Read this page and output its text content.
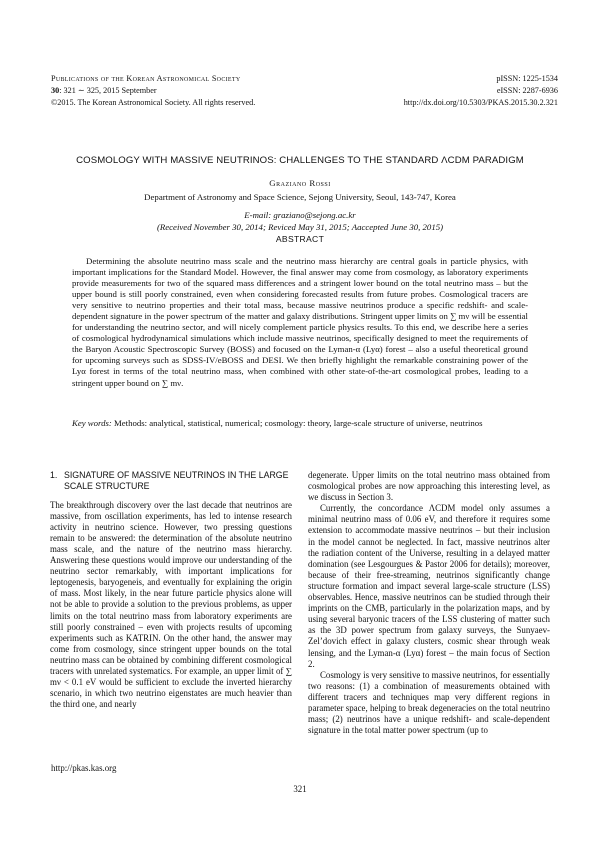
Publications of the Korean Astronomical Society
30: 321 ∼ 325, 2015 September
©2015. The Korean Astronomical Society. All rights reserved.
pISSN: 1225-1534
eISSN: 2287-6936
http://dx.doi.org/10.5303/PKAS.2015.30.2.321
COSMOLOGY WITH MASSIVE NEUTRINOS: CHALLENGES TO THE STANDARD ΛCDM PARADIGM
Graziano Rossi
Department of Astronomy and Space Science, Sejong University, Seoul, 143-747, Korea
E-mail: graziano@sejong.ac.kr
(Received November 30, 2014; Reviced May 31, 2015; Aaccepted June 30, 2015)
ABSTRACT
Determining the absolute neutrino mass scale and the neutrino mass hierarchy are central goals in particle physics, with important implications for the Standard Model. However, the final answer may come from cosmology, as laboratory experiments provide measurements for two of the squared mass differences and a stringent lower bound on the total neutrino mass – but the upper bound is still poorly constrained, even when considering forecasted results from future probes. Cosmological tracers are very sensitive to neutrino properties and their total mass, because massive neutrinos produce a specific redshift- and scale-dependent signature in the power spectrum of the matter and galaxy distributions. Stringent upper limits on ∑ mν will be essential for understanding the neutrino sector, and will nicely complement particle physics results. To this end, we describe here a series of cosmological hydrodynamical simulations which include massive neutrinos, specifically designed to meet the requirements of the Baryon Acoustic Spectroscopic Survey (BOSS) and focused on the Lyman-α (Lyα) forest – also a useful theoretical ground for upcoming surveys such as SDSS-IV/eBOSS and DESI. We then briefly highlight the remarkable constraining power of the Lyα forest in terms of the total neutrino mass, when combined with other state-of-the-art cosmological probes, leading to a stringent upper bound on ∑ mν.
Key words: Methods: analytical, statistical, numerical; cosmology: theory, large-scale structure of universe, neutrinos
1. SIGNATURE OF MASSIVE NEUTRINOS IN THE LARGE SCALE STRUCTURE

The breakthrough discovery over the last decade that neutrinos are massive, from oscillation experiments, has led to intense research activity in neutrino science. However, two pressing questions remain to be answered: the determination of the absolute neutrino mass scale, and the nature of the neutrino mass hierarchy. Answering these questions would improve our understanding of the neutrino sector remarkably, with important implications for leptogenesis, baryogeneis, and eventually for explaining the origin of mass. Most likely, in the near future particle physics alone will not be able to provide a solution to the previous problems, as upper limits on the total neutrino mass from laboratory experiments are still poorly constrained – even with projects results of upcoming experiments such as KATRIN. On the other hand, the answer may come from cosmology, since stringent upper bounds on the total neutrino mass can be obtained by combining different cosmological tracers with unrelated systematics. For example, an upper limit of ∑ mν < 0.1 eV would be sufficient to exclude the inverted hierarchy scenario, in which two neutrino eigenstates are much heavier than the third one, and nearly

degenerate. Upper limits on the total neutrino mass obtained from cosmological probes are now approaching this interesting level, as we discuss in Section 3.

Currently, the concordance ΛCDM model only assumes a minimal neutrino mass of 0.06 eV, and therefore it requires some extension to accommodate massive neutrinos – but their inclusion in the model cannot be neglected. In fact, massive neutrinos alter the radiation content of the Universe, resulting in a delayed matter domination (see Lesgourgues & Pastor 2006 for details); moreover, because of their free-streaming, neutrinos significantly change structure formation and impact several large-scale structure (LSS) observables. Hence, massive neutrinos can be studied through their imprints on the CMB, particularly in the polarization maps, and by using several baryonic tracers of the LSS clustering of matter such as the 3D power spectrum from galaxy surveys, the Sunyaev-Zel’dovich effect in galaxy clusters, cosmic shear through weak lensing, and the Lyman-α (Lyα) forest – the main focus of Section 2.

Cosmology is very sensitive to massive neutrinos, for essentially two reasons: (1) a combination of measurements obtained with different tracers and techniques map very different regions in parameter space, helping to break degeneracies on the total neutrino mass; (2) neutrinos have a unique redshift- and scale-dependent signature in the total matter power spectrum (up to

http://pkas.kas.org
321
